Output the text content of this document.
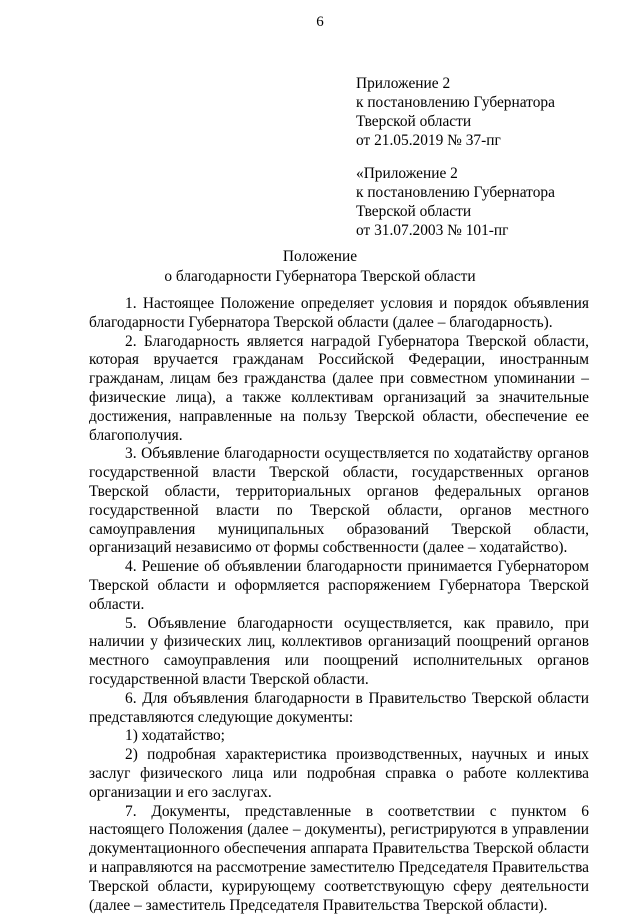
6
Приложение 2
к постановлению Губернатора
Тверской области
от 21.05.2019 № 37-пг
«Приложение 2
к постановлению Губернатора
Тверской области
от 31.07.2003 № 101-пг
Положение
о благодарности Губернатора Тверской области

1. Настоящее Положение определяет условия и порядок объявления благодарности Губернатора Тверской области (далее – благодарность).

2. Благодарность является наградой Губернатора Тверской области, которая вручается гражданам Российской Федерации, иностранным гражданам, лицам без гражданства (далее при совместном упоминании – физические лица), а также коллективам организаций за значительные достижения, направленные на пользу Тверской области, обеспечение ее благополучия.

3. Объявление благодарности осуществляется по ходатайству органов государственной власти Тверской области, государственных органов Тверской области, территориальных органов федеральных органов государственной власти по Тверской области, органов местного самоуправления муниципальных образований Тверской области, организаций независимо от формы собственности (далее – ходатайство).

4. Решение об объявлении благодарности принимается Губернатором Тверской области и оформляется распоряжением Губернатора Тверской области.

5. Объявление благодарности осуществляется, как правило, при наличии у физических лиц, коллективов организаций поощрений органов местного самоуправления или поощрений исполнительных органов государственной власти Тверской области.

6. Для объявления благодарности в Правительство Тверской области представляются следующие документы:

1) ходатайство;

2) подробная характеристика производственных, научных и иных заслуг физического лица или подробная справка о работе коллектива организации и его заслугах.

7. Документы, представленные в соответствии с пунктом 6 настоящего Положения (далее – документы), регистрируются в управлении документационного обеспечения аппарата Правительства Тверской области и направляются на рассмотрение заместителю Председателя Правительства Тверской области, курирующему соответствующую сферу деятельности (далее – заместитель Председателя Правительства Тверской области).
